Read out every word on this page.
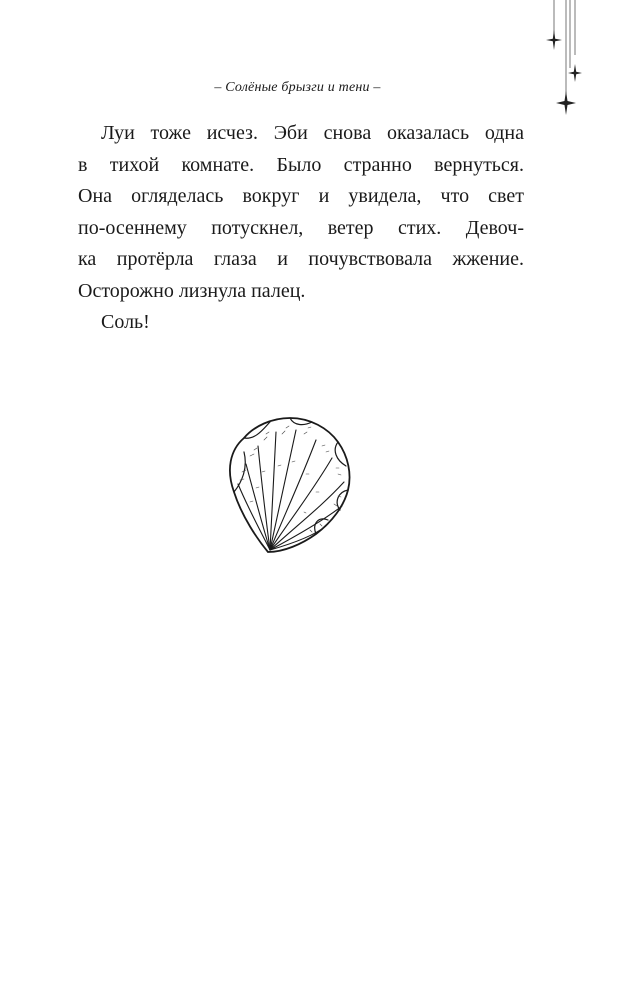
– Солёные брызги и тени –
Луи тоже исчез. Эби снова оказалась одна
в тихой комнате. Было странно вернуться.
Она огляделась вокруг и увидела, что свет
по-осеннему потускнел, ветер стих. Девоч-
ка протёрла глаза и почувствовала жжение.
Осторожно лизнула палец.
Соль!
